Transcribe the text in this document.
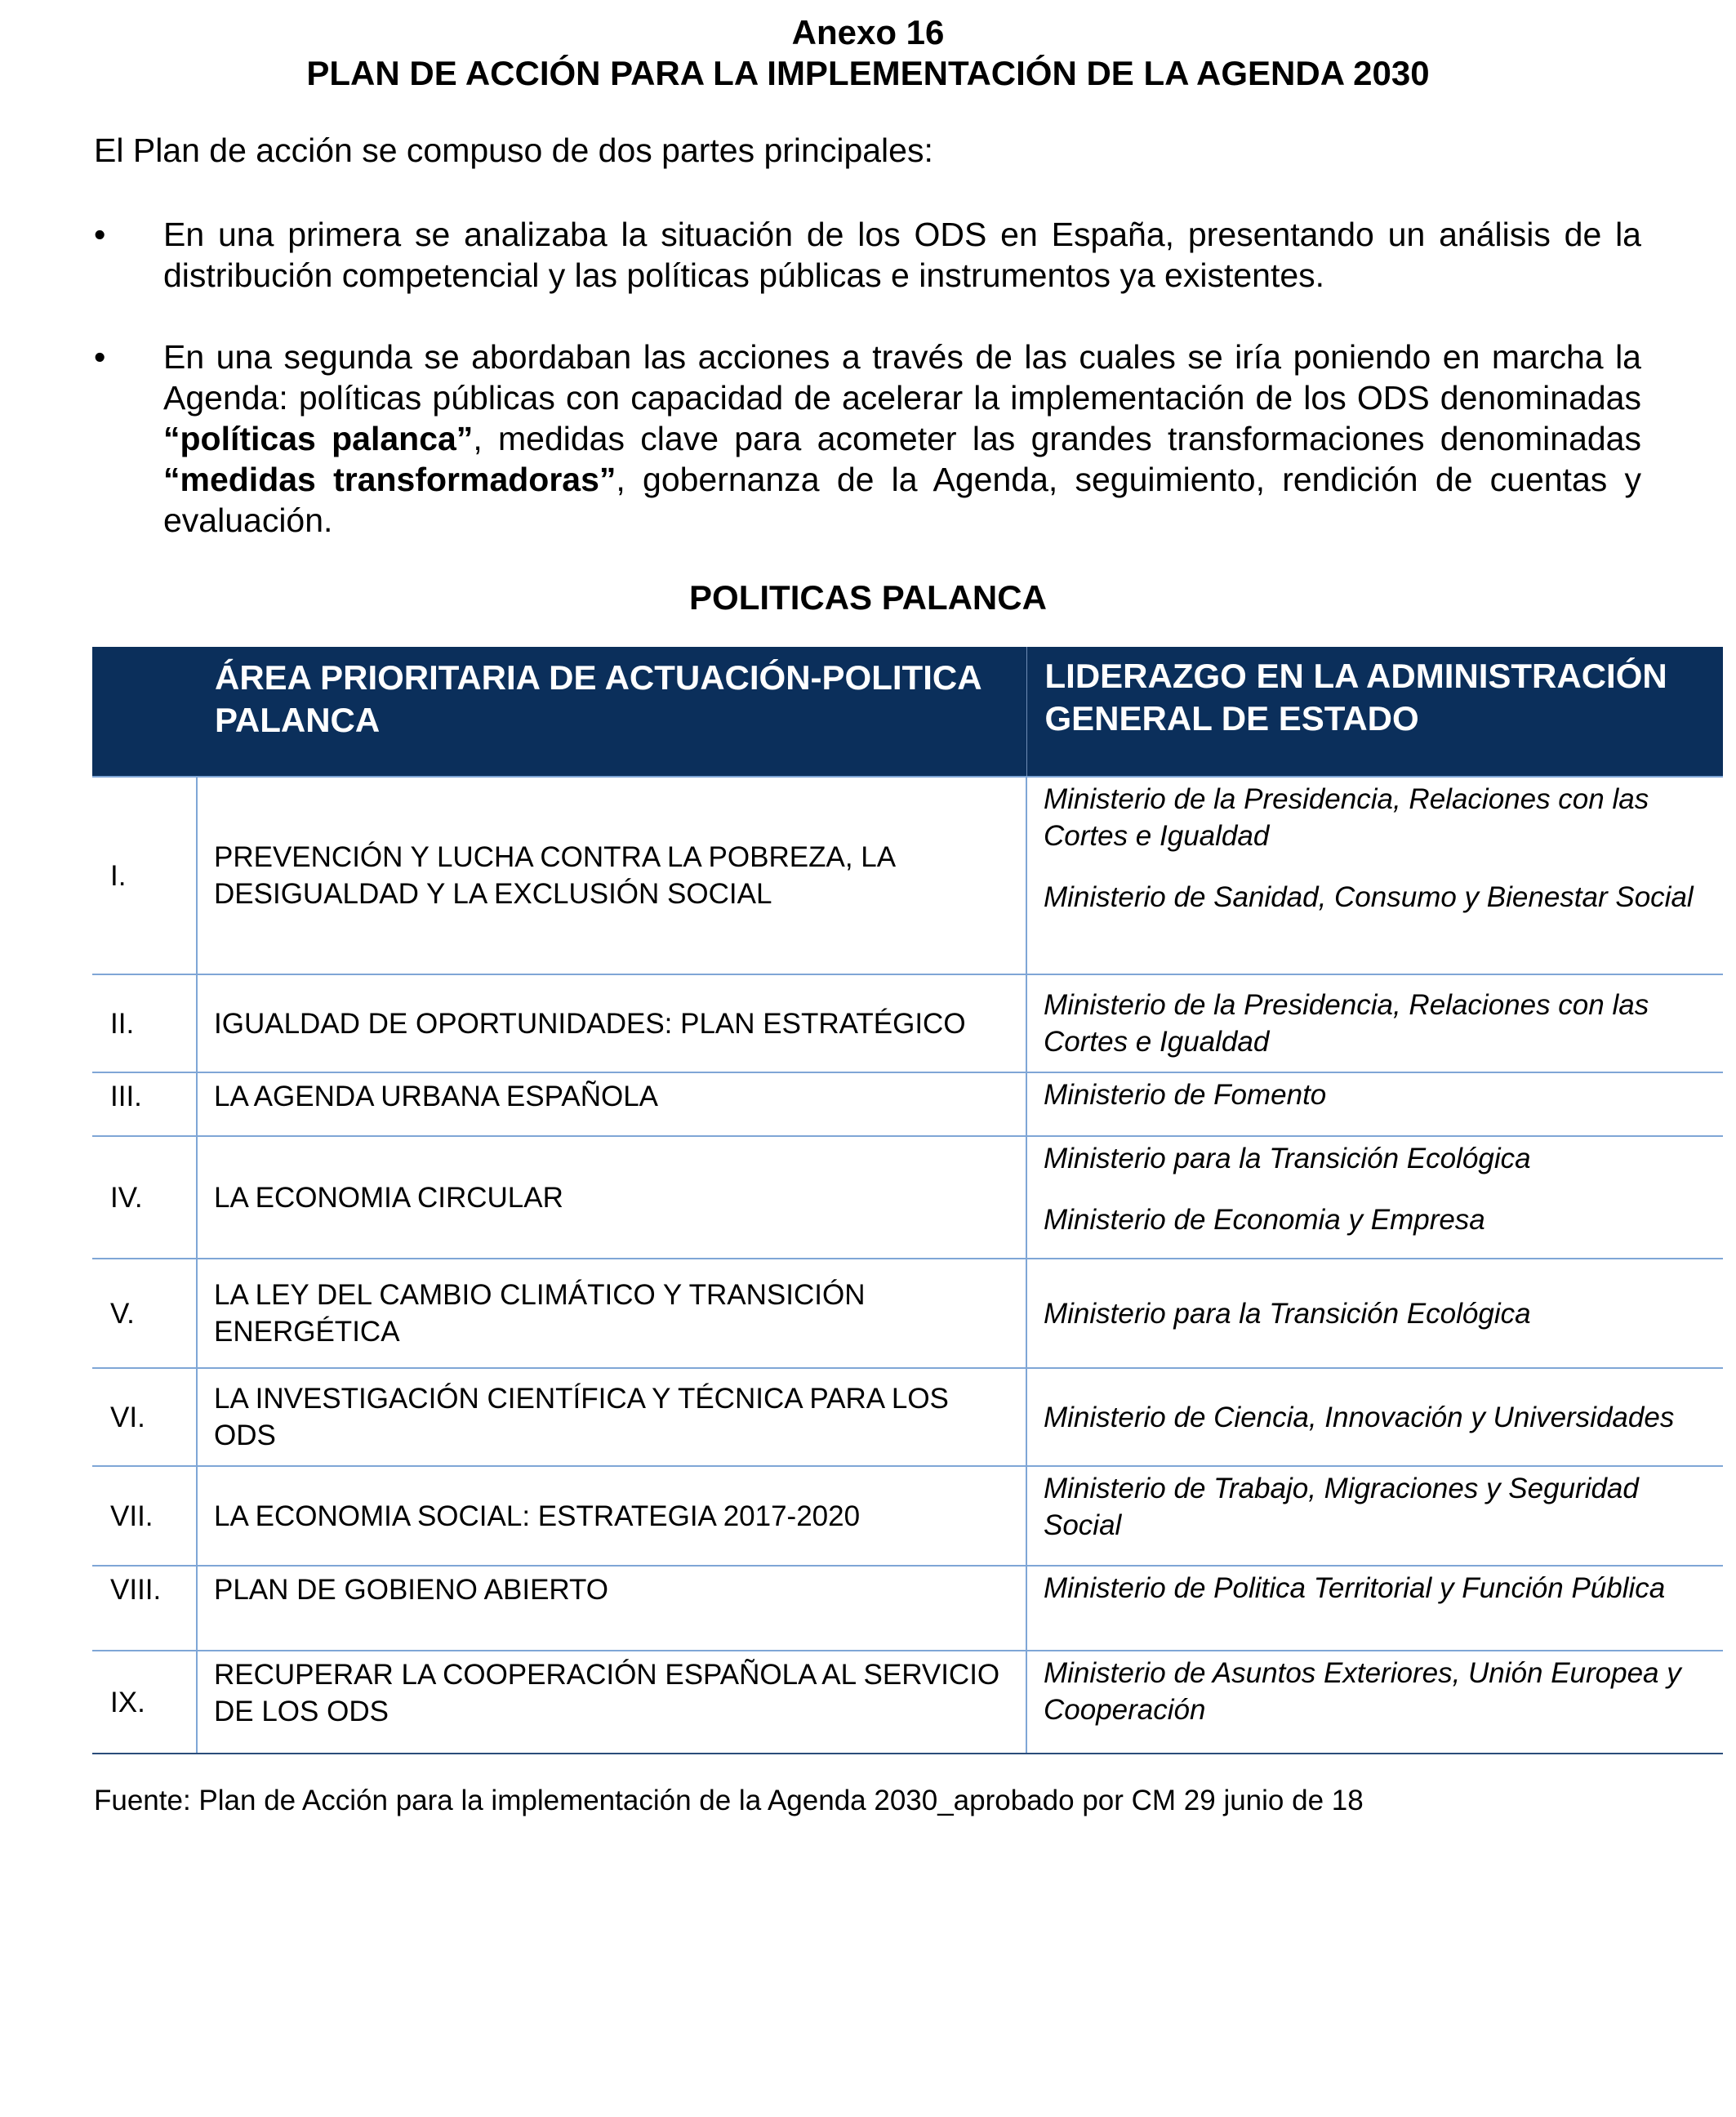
Anexo 16
PLAN DE ACCIÓN PARA LA IMPLEMENTACIÓN DE LA AGENDA 2030
El Plan de acción se compuso de dos partes principales:
•	En una primera se analizaba la situación de los ODS en España, presentando un análisis de la distribución competencial y las políticas públicas e instrumentos ya existentes.
•	En una segunda se abordaban las acciones a través de las cuales se iría poniendo en marcha la Agenda: políticas públicas con capacidad de acelerar la implementación de los ODS denominadas “políticas palanca”, medidas clave para acometer las grandes transformaciones denominadas “medidas transformadoras”, gobernanza de la Agenda, seguimiento, rendición de cuentas y evaluación.
POLITICAS PALANCA
	ÁREA PRIORITARIA DE ACTUACIÓN-POLITICA PALANCA	LIDERAZGO EN LA ADMINISTRACIÓN GENERAL DE ESTADO
I.	PREVENCIÓN Y LUCHA CONTRA LA POBREZA, LA DESIGUALDAD Y LA EXCLUSIÓN SOCIAL	Ministerio de la Presidencia, Relaciones con las Cortes e Igualdad
Ministerio de Sanidad, Consumo y Bienestar Social

II.	IGUALDAD DE OPORTUNIDADES: PLAN ESTRATÉGICO	Ministerio de la Presidencia, Relaciones con las Cortes e Igualdad

III.	LA AGENDA URBANA ESPAÑOLA	Ministerio de Fomento

IV.	LA ECONOMIA CIRCULAR	Ministerio para la Transición Ecológica
Ministerio de Economia y Empresa

V.	LA LEY DEL CAMBIO CLIMÁTICO Y TRANSICIÓN ENERGÉTICA	Ministerio para la Transición Ecológica

VI.	LA INVESTIGACIÓN CIENTÍFICA Y TÉCNICA PARA LOS ODS	Ministerio de Ciencia, Innovación y Universidades

VII.	LA ECONOMIA SOCIAL: ESTRATEGIA 2017-2020	Ministerio de Trabajo, Migraciones y Seguridad Social

VIII.	PLAN DE GOBIENO ABIERTO	Ministerio de Politica Territorial y Función Pública

IX.	RECUPERAR LA COOPERACIÓN ESPAÑOLA AL SERVICIO DE LOS ODS	Ministerio de Asuntos Exteriores, Unión Europea y Cooperación
Fuente: Plan de Acción para la implementación de la Agenda 2030_aprobado por CM 29 junio de 18
